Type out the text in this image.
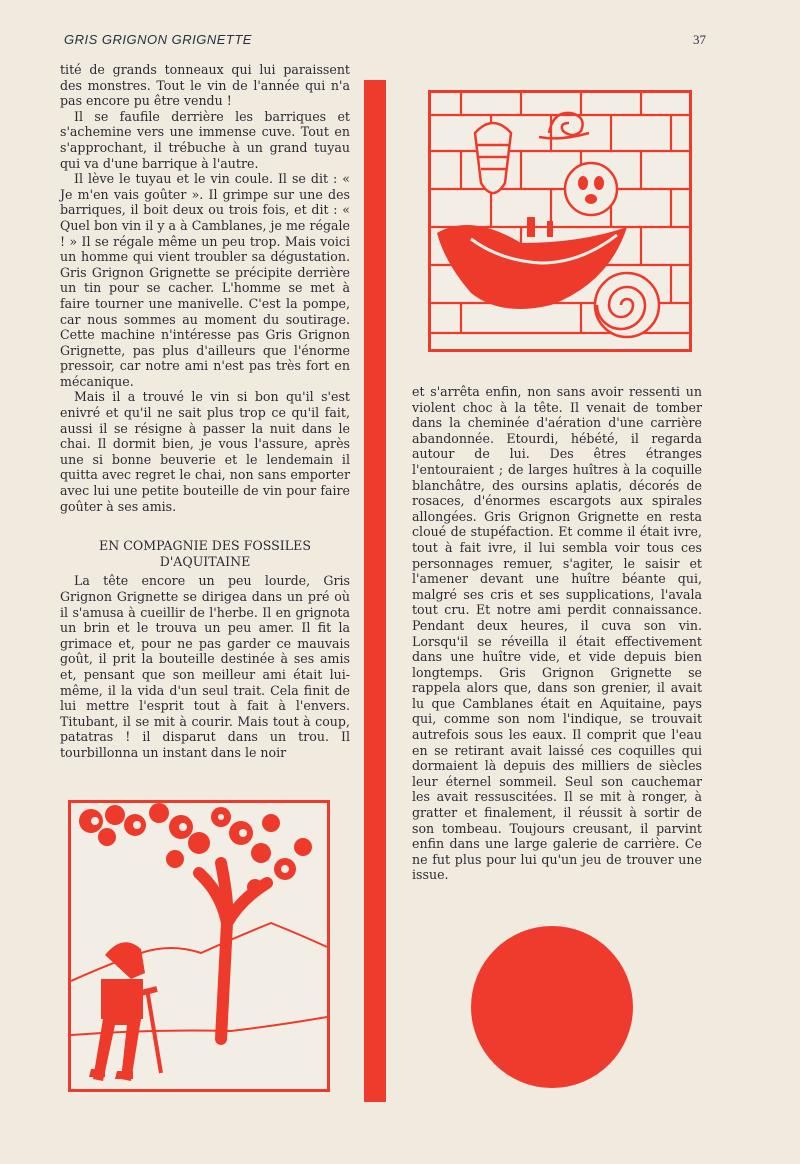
GRIS GRIGNON GRIGNETTE	37

tité de grands tonneaux qui lui paraissent des monstres. Tout le vin de l'année qui n'a pas encore pu être vendu !

Il se faufile derrière les barriques et s'achemine vers une immense cuve. Tout en s'approchant, il trébuche à un grand tuyau qui va d'une barrique à l'autre.

Il lève le tuyau et le vin coule. Il se dit : « Je m'en vais goûter ». Il grimpe sur une des barriques, il boit deux ou trois fois, et dit : « Quel bon vin il y a à Camblanes, je me régale ! » Il se régale même un peu trop. Mais voici un homme qui vient troubler sa dégustation. Gris Grignon Grignette se précipite derrière un tin pour se cacher. L'homme se met à faire tourner une manivelle. C'est la pompe, car nous sommes au moment du soutirage. Cette machine n'intéresse pas Gris Grignon Grignette, pas plus d'ailleurs que l'énorme pressoir, car notre ami n'est pas très fort en mécanique.

Mais il a trouvé le vin si bon qu'il s'est enivré et qu'il ne sait plus trop ce qu'il fait, aussi il se résigne à passer la nuit dans le chai. Il dormit bien, je vous l'assure, après une si bonne beuverie et le lendemain il quitta avec regret le chai, non sans emporter avec lui une petite bouteille de vin pour faire goûter à ses amis.

EN COMPAGNIE DES FOSSILES
D'AQUITAINE

La tête encore un peu lourde, Gris Grignon Grignette se dirigea dans un pré où il s'amusa à cueillir de l'herbe. Il en grignota un brin et le trouva un peu amer. Il fit la grimace et, pour ne pas garder ce mauvais goût, il prit la bouteille destinée à ses amis et, pensant que son meilleur ami était lui-même, il la vida d'un seul trait. Cela finit de lui mettre l'esprit tout à fait à l'envers. Titubant, il se mit à courir. Mais tout à coup, patatras ! il disparut dans un trou. Il tourbillonna un instant dans le noir

et s'arrêta enfin, non sans avoir ressenti un violent choc à la tête. Il venait de tomber dans la cheminée d'aération d'une carrière abandonnée. Etourdi, hébété, il regarda autour de lui. Des êtres étranges l'entouraient ; de larges huîtres à la coquille blanchâtre, des oursins aplatis, décorés de rosaces, d'énormes escargots aux spirales allongées. Gris Grignon Grignette en resta cloué de stupéfaction. Et comme il était ivre, tout à fait ivre, il lui sembla voir tous ces personnages remuer, s'agiter, le saisir et l'amener devant une huître béante qui, malgré ses cris et ses supplications, l'avala tout cru. Et notre ami perdit connaissance. Pendant deux heures, il cuva son vin. Lorsqu'il se réveilla il était effectivement dans une huître vide, et vide depuis bien longtemps. Gris Grignon Grignette se rappela alors que, dans son grenier, il avait lu que Camblanes était en Aquitaine, pays qui, comme son nom l'indique, se trouvait autrefois sous les eaux. Il comprit que l'eau en se retirant avait laissé ces coquilles qui dormaient là depuis des milliers de siècles leur éternel sommeil. Seul son cauchemar les avait ressuscitées. Il se mit à ronger, à gratter et finalement, il réussit à sortir de son tombeau. Toujours creusant, il parvint enfin dans une large galerie de carrière. Ce ne fut plus pour lui qu'un jeu de trouver une issue.
